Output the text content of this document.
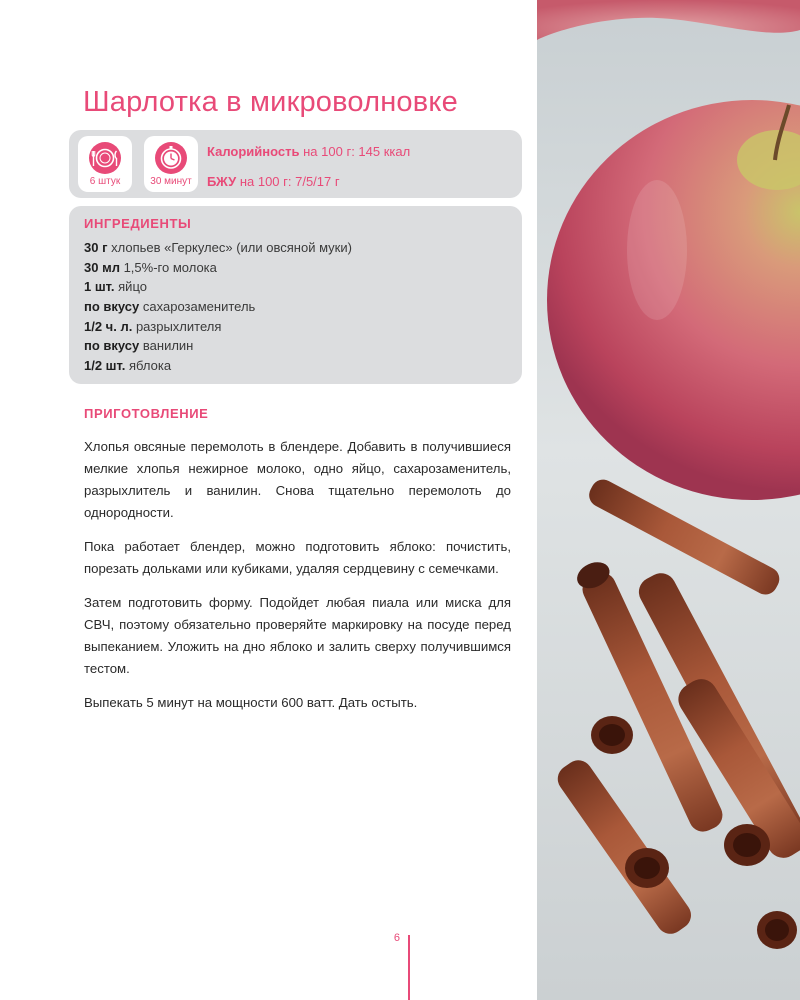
Шарлотка в микроволновке
6 штук	30 минут
Калорийность на 100 г: 145 ккал
БЖУ на 100 г: 7/5/17 г
ИНГРЕДИЕНТЫ
30 г хлопьев «Геркулес» (или овсяной муки)
30 мл 1,5%-го молока
1 шт. яйцо
по вкусу сахарозаменитель
1/2 ч. л. разрыхлителя
по вкусу ванилин
1/2 шт. яблока
ПРИГОТОВЛЕНИЕ

Хлопья овсяные перемолоть в блендере. Добавить в получившиеся мелкие хлопья нежирное молоко, одно яйцо, сахарозаменитель, разрыхлитель и ванилин. Снова тщательно перемолоть до однородности.

Пока работает блендер, можно подготовить яблоко: почистить, порезать дольками или кубиками, удаляя сердцевину с семечками.

Затем подготовить форму. Подойдет любая пиала или миска для СВЧ, поэтому обязательно проверяйте маркировку на посуде перед выпеканием. Уложить на дно яблоко и залить сверху получившимся тестом.

Выпекать 5 минут на мощности 600 ватт. Дать остыть.

6
